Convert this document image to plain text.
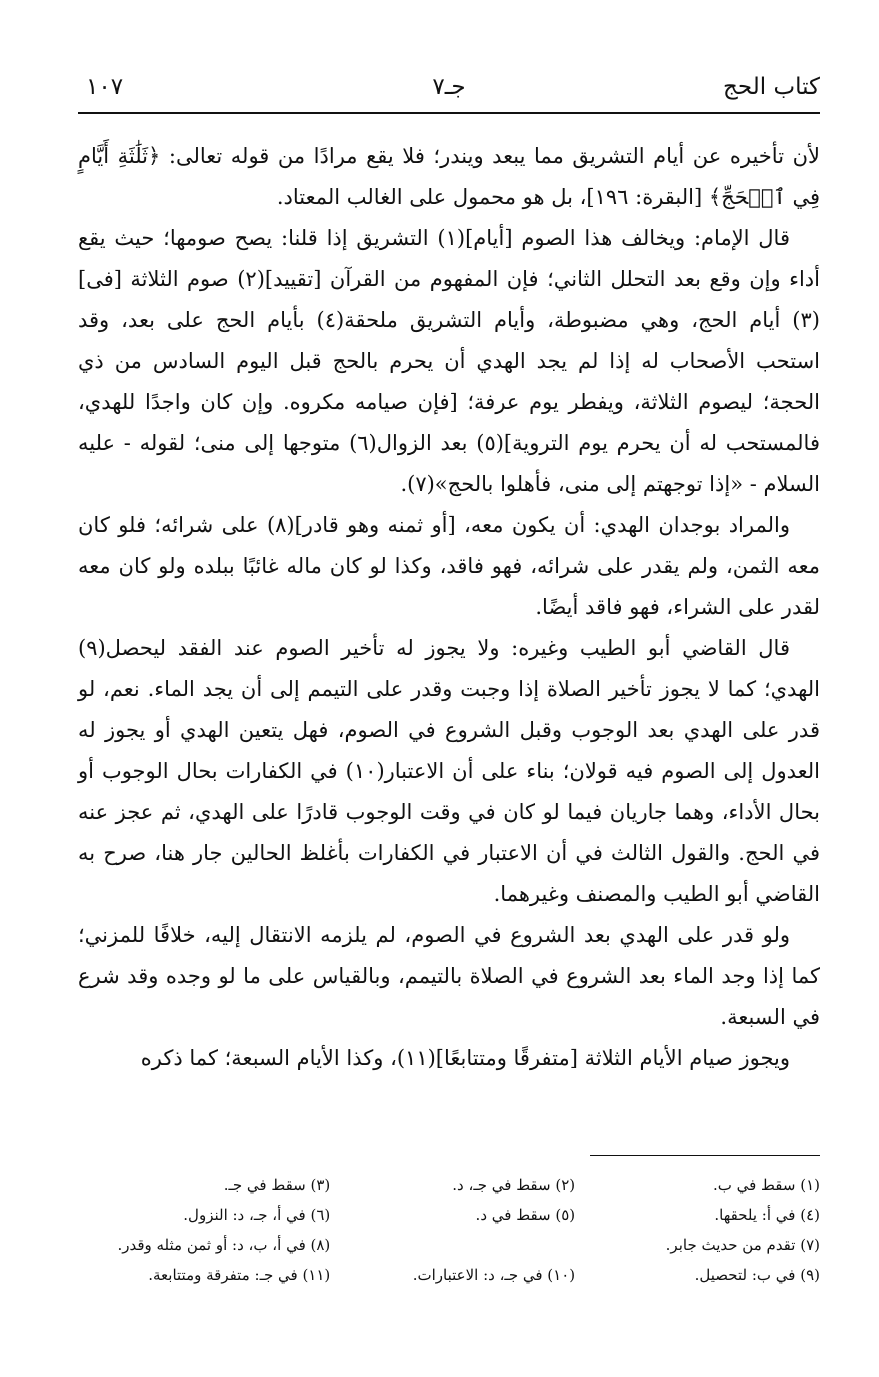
كتاب الحج
جـ٧
١٠٧

لأن تأخيره عن أيام التشريق مما يبعد ويندر؛ فلا يقع مرادًا من قوله تعالى: ﴿ثَلَٰثَةِ أَيَّامٍ فِي ٱلۡحَجِّ﴾ [البقرة: ١٩٦]، بل هو محمول على الغالب المعتاد.

قال الإمام: ويخالف هذا الصوم [أيام](١) التشريق إذا قلنا: يصح صومها؛ حيث يقع أداء وإن وقع بعد التحلل الثاني؛ فإن المفهوم من القرآن [تقييد](٢) صوم الثلاثة [فى](٣) أيام الحج، وهي مضبوطة، وأيام التشريق ملحقة(٤) بأيام الحج على بعد، وقد استحب الأصحاب له إذا لم يجد الهدي أن يحرم بالحج قبل اليوم السادس من ذي الحجة؛ ليصوم الثلاثة، ويفطر يوم عرفة؛ [فإن صيامه مكروه. وإن كان واجدًا للهدي، فالمستحب له أن يحرم يوم التروية](٥) بعد الزوال(٦) متوجها إلى منى؛ لقوله - عليه السلام - «إذا توجهتم إلى منى، فأهلوا بالحج»(٧).

والمراد بوجدان الهدي: أن يكون معه، [أو ثمنه وهو قادر](٨) على شرائه؛ فلو كان معه الثمن، ولم يقدر على شرائه، فهو فاقد، وكذا لو كان ماله غائبًا ببلده ولو كان معه لقدر على الشراء، فهو فاقد أيضًا.

قال القاضي أبو الطيب وغيره: ولا يجوز له تأخير الصوم عند الفقد ليحصل(٩) الهدي؛ كما لا يجوز تأخير الصلاة إذا وجبت وقدر على التيمم إلى أن يجد الماء. نعم، لو قدر على الهدي بعد الوجوب وقبل الشروع في الصوم، فهل يتعين الهدي أو يجوز له العدول إلى الصوم فيه قولان؛ بناء على أن الاعتبار(١٠) في الكفارات بحال الوجوب أو بحال الأداء، وهما جاريان فيما لو كان في وقت الوجوب قادرًا على الهدي، ثم عجز عنه في الحج. والقول الثالث في أن الاعتبار في الكفارات بأغلظ الحالين جار هنا، صرح به القاضي أبو الطيب والمصنف وغيرهما.

ولو قدر على الهدي بعد الشروع في الصوم، لم يلزمه الانتقال إليه، خلافًا للمزني؛ كما إذا وجد الماء بعد الشروع في الصلاة بالتيمم، وبالقياس على ما لو وجده وقد شرع في السبعة.

ويجوز صيام الأيام الثلاثة [متفرقًا ومتتابعًا](١١)، وكذا الأيام السبعة؛ كما ذكره

(١) سقط في ب.
(٢) سقط في جـ، د.
(٣) سقط في جـ.
(٤) في أ: يلحقها.
(٥) سقط في د.
(٦) في أ، جـ، د: النزول.
(٧) تقدم من حديث جابر.
(٨) في أ، ب، د: أو ثمن مثله وقدر.
(٩) في ب: لتحصيل.
(١٠) في جـ، د: الاعتبارات.
(١١) في جـ: متفرقة ومتتابعة.
